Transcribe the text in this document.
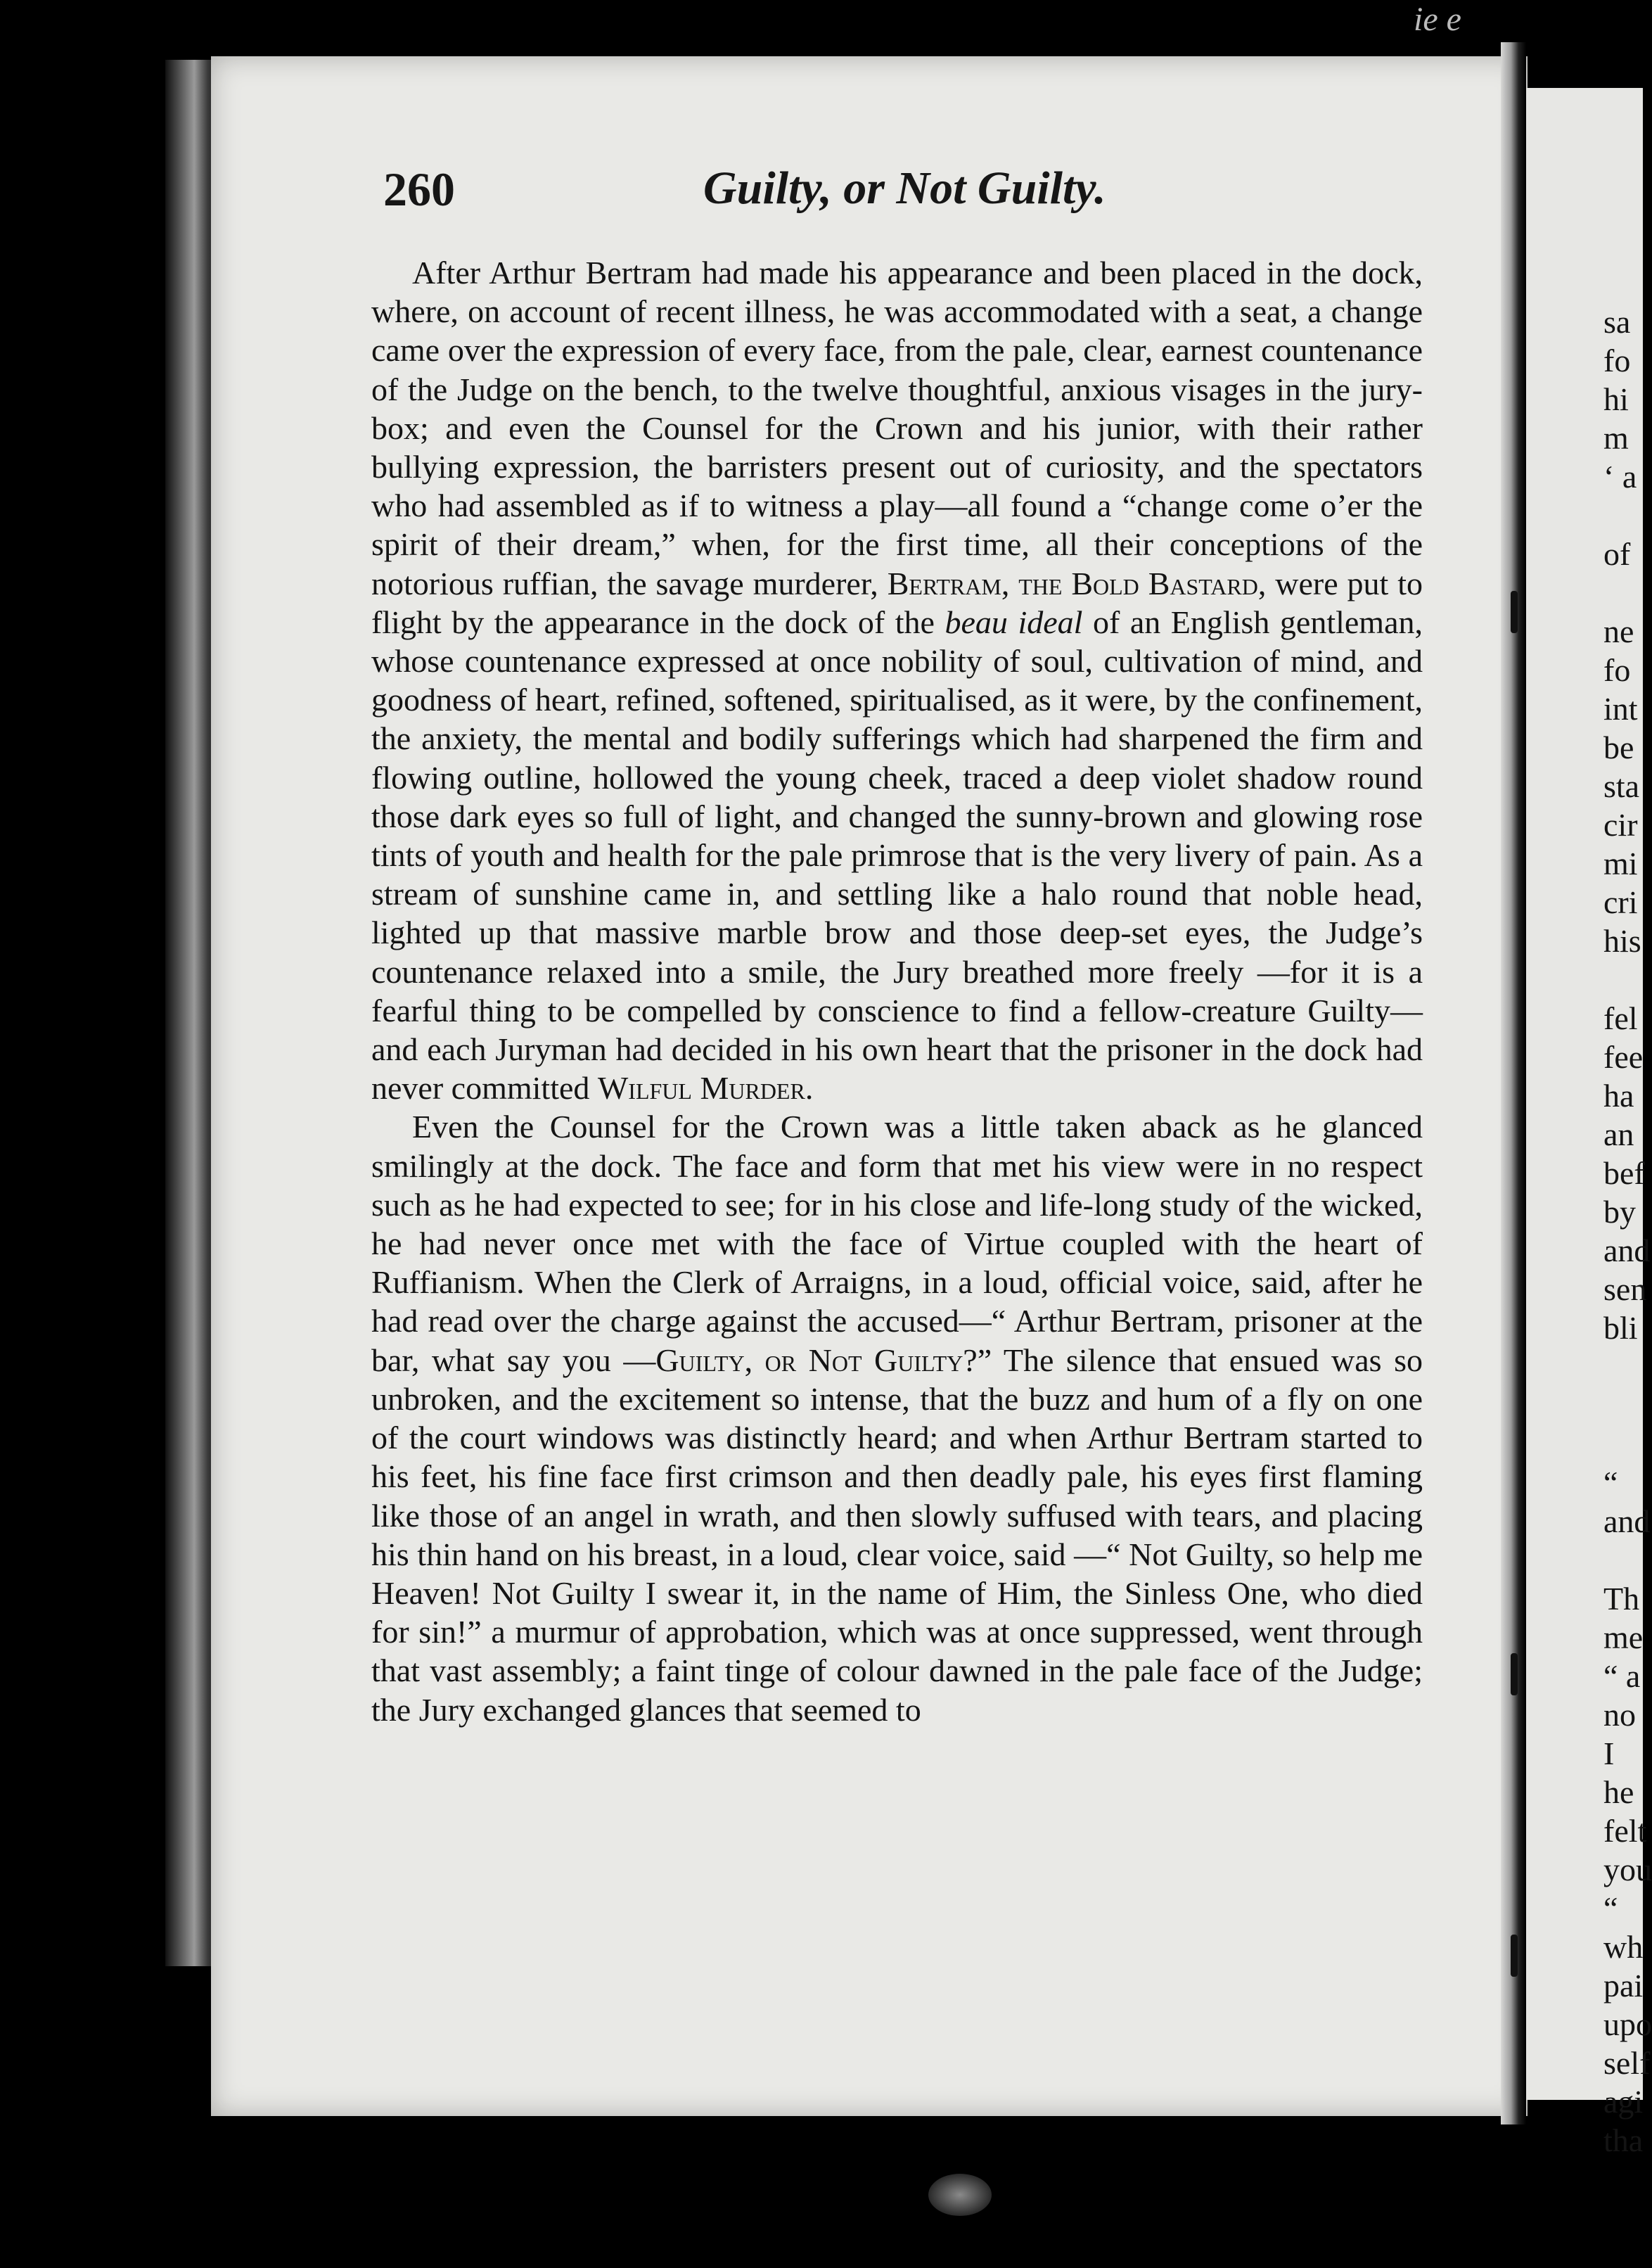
260	Guilty, or Not Guilty.

After Arthur Bertram had made his appearance and been placed in the dock, where, on account of recent illness, he was accommodated with a seat, a change came over the expression of every face, from the pale, clear, earnest countenance of the Judge on the bench, to the twelve thoughtful, anxious visages in the jury-box; and even the Counsel for the Crown and his junior, with their rather bullying expression, the barristers present out of curiosity, and the spectators who had assembled as if to witness a play—all found a “change come o’er the spirit of their dream,” when, for the first time, all their conceptions of the notorious ruffian, the savage murderer, Bertram, the Bold Bastard, were put to flight by the appearance in the dock of the beau ideal of an English gentleman, whose countenance expressed at once nobility of soul, cultivation of mind, and goodness of heart, refined, softened, spiritualised, as it were, by the confinement, the anxiety, the mental and bodily sufferings which had sharpened the firm and flowing outline, hollowed the young cheek, traced a deep violet shadow round those dark eyes so full of light, and changed the sunny-brown and glowing rose tints of youth and health for the pale primrose that is the very livery of pain. As a stream of sunshine came in, and settling like a halo round that noble head, lighted up that massive marble brow and those deep-set eyes, the Judge’s countenance relaxed into a smile, the Jury breathed more freely —for it is a fearful thing to be compelled by conscience to find a fellow-creature Guilty—and each Juryman had decided in his own heart that the prisoner in the dock had never committed Wilful Murder.

Even the Counsel for the Crown was a little taken aback as he glanced smilingly at the dock. The face and form that met his view were in no respect such as he had expected to see; for in his close and life-long study of the wicked, he had never once met with the face of Virtue coupled with the heart of Ruffianism. When the Clerk of Arraigns, in a loud, official voice, said, after he had read over the charge against the accused—“ Arthur Bertram, prisoner at the bar, what say you —Guilty, or Not Guilty?” The silence that ensued was so unbroken, and the excitement so intense, that the buzz and hum of a fly on one of the court windows was distinctly heard; and when Arthur Bertram started to his feet, his fine face first crimson and then deadly pale, his eyes first flaming like those of an angel in wrath, and then slowly suffused with tears, and placing his thin hand on his breast, in a loud, clear voice, said —“ Not Guilty, so help me Heaven! Not Guilty I swear it, in the name of Him, the Sinless One, who died for sin!” a murmur of approbation, which was at once suppressed, went through that vast assembly; a faint tinge of colour dawned in the pale face of the Judge; the Jury exchanged glances that seemed to

sa
fo
hi
m
‘ a
of
ne
fo
int
be
sta
cir
mi
cri
his
fel
fee
ha
an
bef
by
and
sen
bli
“
and
Th
me
“ a
no
I
he
felt
you
“
wh
pai
upo
self
agi
tha
ie e
